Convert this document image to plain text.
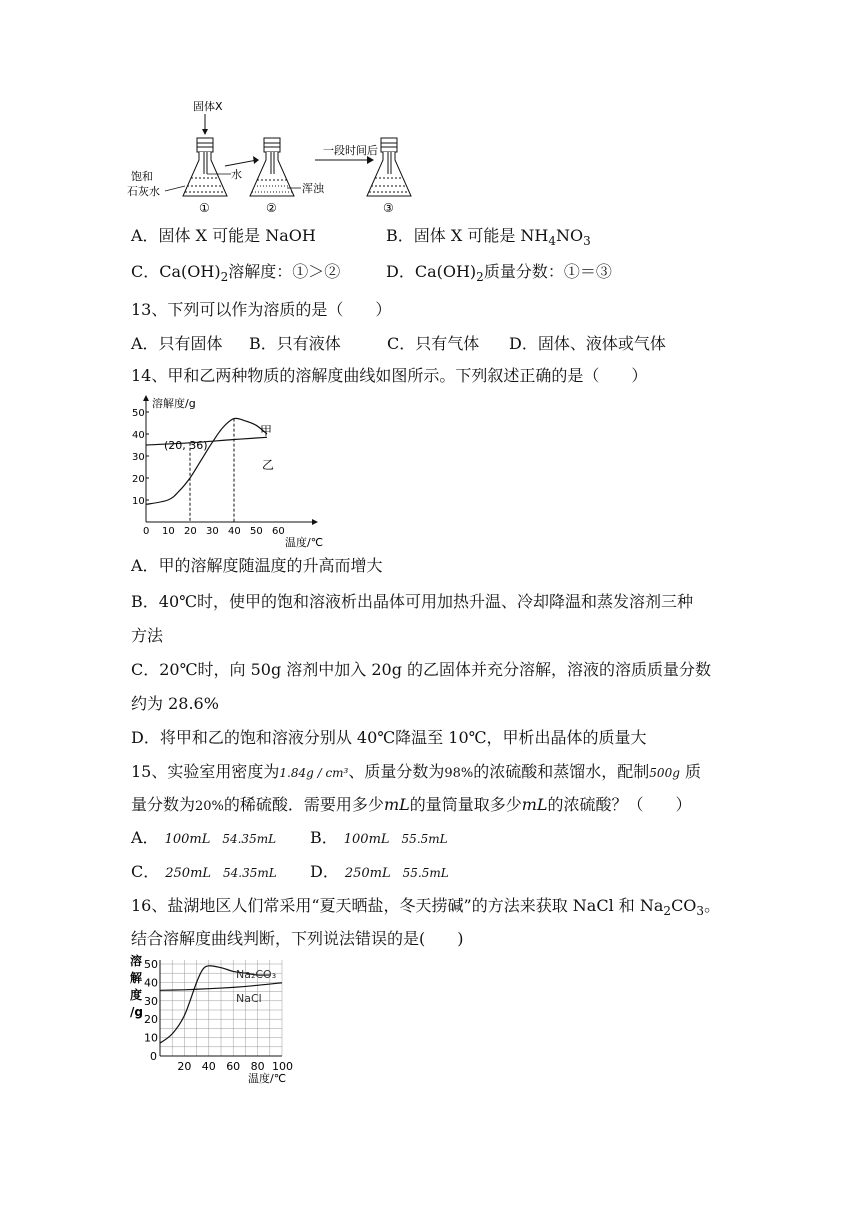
固体X
饱和
石灰水
水
①
浑浊
②
一段时间后
③
A．固体 X 可能是 NaOH	B．固体 X 可能是 $NH_4NO_3$
C．$Ca(OH)_2$溶解度：①＞②	D．$Ca(OH)_2$质量分数：①＝③
13、下列可以作为溶质的是（　　）
A．只有固体 B．只有液体	C．只有气体 D．固体、液体或气体
14、甲和乙两种物质的溶解度曲线如图所示。下列叙述正确的是（　　）
溶解度/g
温度/℃
0 10 20 30 40 50 60
10
20
30
40
50
(20, 36)
甲
乙
A．甲的溶解度随温度的升高而增大
B．40℃时，使甲的饱和溶液析出晶体可用加热升温、冷却降温和蒸发溶剂三种
方法
C．20℃时，向 50g 溶剂中加入 20g 的乙固体并充分溶解，溶液的溶质质量分数
约为 28.6%
D．将甲和乙的饱和溶液分别从 40℃降温至 10℃，甲析出晶体的质量大
15、实验室用密度为1.84g / cm³、质量分数为98%的浓硫酸和蒸馏水，配制500g 质
量分数为20%的稀硫酸．需要用多少mL的量筒量取多少mL的浓硫酸？（　　）
A． 100mL 54.35mL B． 100mL 55.5mL
C． 250mL 54.35mL D． 250mL 55.5mL
16、盐湖地区人们常采用“夏天晒盐，冬天捞碱”的方法来获取 NaCl 和 $Na_2CO_3$。
结合溶解度曲线判断，下列说法错误的是(　　)
溶
解
度
/g
0
10
20
30
40
50
20 40 60 80 100
温度/℃
Na₂CO₃
NaCl
